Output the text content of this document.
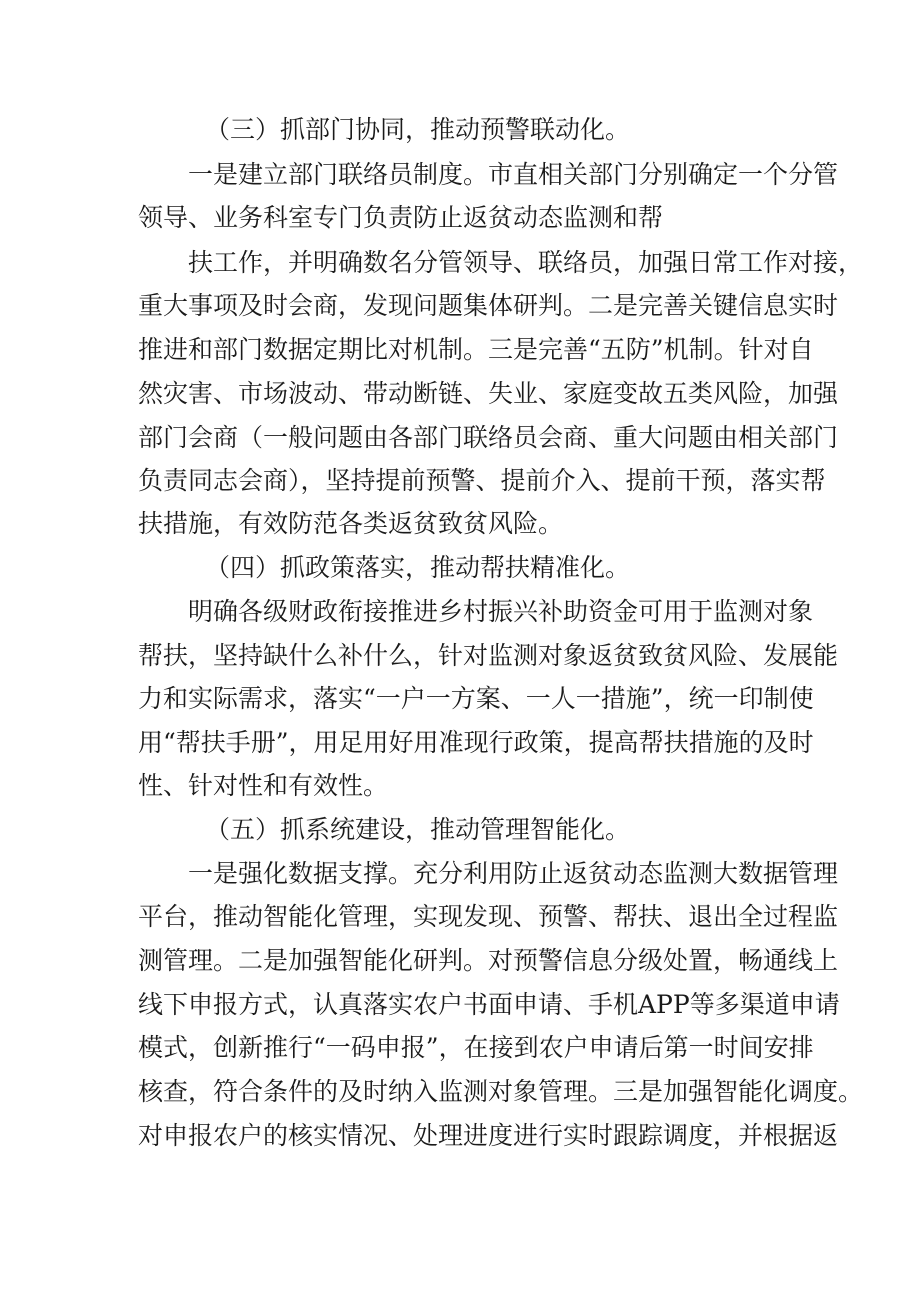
（三）抓部门协同，推动预警联动化。
一是建立部门联络员制度。市直相关部门分别确定一个分管
领导、业务科室专门负责防止返贫动态监测和帮
扶工作，并明确数名分管领导、联络员，加强日常工作对接，
重大事项及时会商，发现问题集体研判。二是完善关键信息实时
推进和部门数据定期比对机制。三是完善“五防”机制。针对自
然灾害、市场波动、带动断链、失业、家庭变故五类风险，加强
部门会商（一般问题由各部门联络员会商、重大问题由相关部门
负责同志会商），坚持提前预警、提前介入、提前干预，落实帮
扶措施，有效防范各类返贫致贫风险。
（四）抓政策落实，推动帮扶精准化。
明确各级财政衔接推进乡村振兴补助资金可用于监测对象
帮扶，坚持缺什么补什么，针对监测对象返贫致贫风险、发展能
力和实际需求，落实“一户一方案、一人一措施”，统一印制使
用“帮扶手册”，用足用好用准现行政策，提高帮扶措施的及时
性、针对性和有效性。
（五）抓系统建设，推动管理智能化。
一是强化数据支撑。充分利用防止返贫动态监测大数据管理
平台，推动智能化管理，实现发现、预警、帮扶、退出全过程监
测管理。二是加强智能化研判。对预警信息分级处置，畅通线上
线下申报方式，认真落实农户书面申请、手机APP等多渠道申请
模式，创新推行“一码申报”，在接到农户申请后第一时间安排
核查，符合条件的及时纳入监测对象管理。三是加强智能化调度。
对申报农户的核实情况、处理进度进行实时跟踪调度，并根据返
